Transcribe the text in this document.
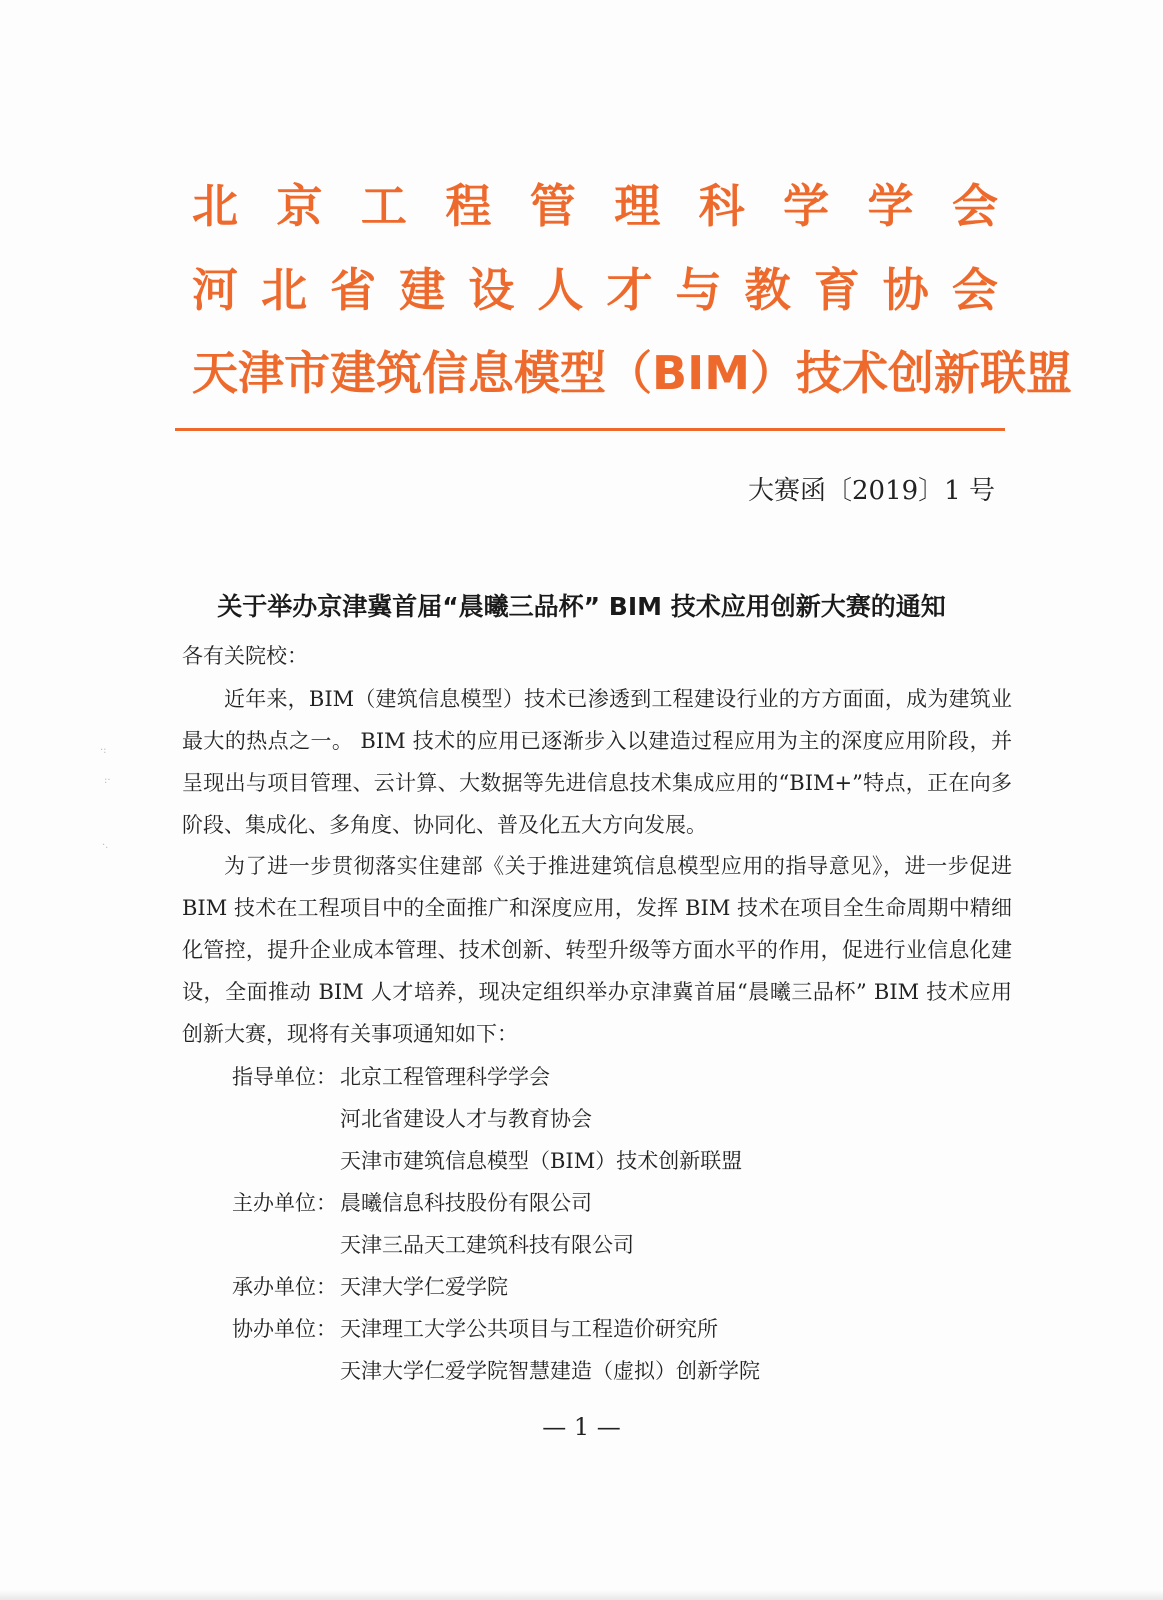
北 京 工 程 管 理 科 学 学 会
河 北 省 建 设 人 才 与 教 育 协 会
天 津 市 建 筑 信 息 模 型 （ B I M ） 技 术 创 新 联 盟
大赛函〔2019〕1 号
关于举办京津冀首届“晨曦三品杯” BIM 技术应用创新大赛的通知
各有关院校：

近年来，BIM（建筑信息模型）技术已渗透到工程建设行业的方方面面，成为建筑业最大的热点之一。 BIM 技术的应用已逐渐步入以建造过程应用为主的深度应用阶段，并呈现出与项目管理、云计算、大数据等先进信息技术集成应用的“BIM+”特点，正在向多阶段、集成化、多角度、协同化、普及化五大方向发展。

为了进一步贯彻落实住建部《关于推进建筑信息模型应用的指导意见》，进一步促进 BIM 技术在工程项目中的全面推广和深度应用，发挥 BIM 技术在项目全生命周期中精细化管控，提升企业成本管理、技术创新、转型升级等方面水平的作用，促进行业信息化建设，全面推动 BIM 人才培养，现决定组织举办京津冀首届“晨曦三品杯” BIM 技术应用创新大赛，现将有关事项通知如下：

指导单位： 北京工程管理科学学会
河北省建设人才与教育协会
天津市建筑信息模型（BIM）技术创新联盟
主办单位： 晨曦信息科技股份有限公司
天津三品天工建筑科技有限公司
承办单位： 天津大学仁爱学院
协办单位： 天津理工大学公共项目与工程造价研究所
天津大学仁爱学院智慧建造（虚拟）创新学院
— 1 —
·:
:·
·.
